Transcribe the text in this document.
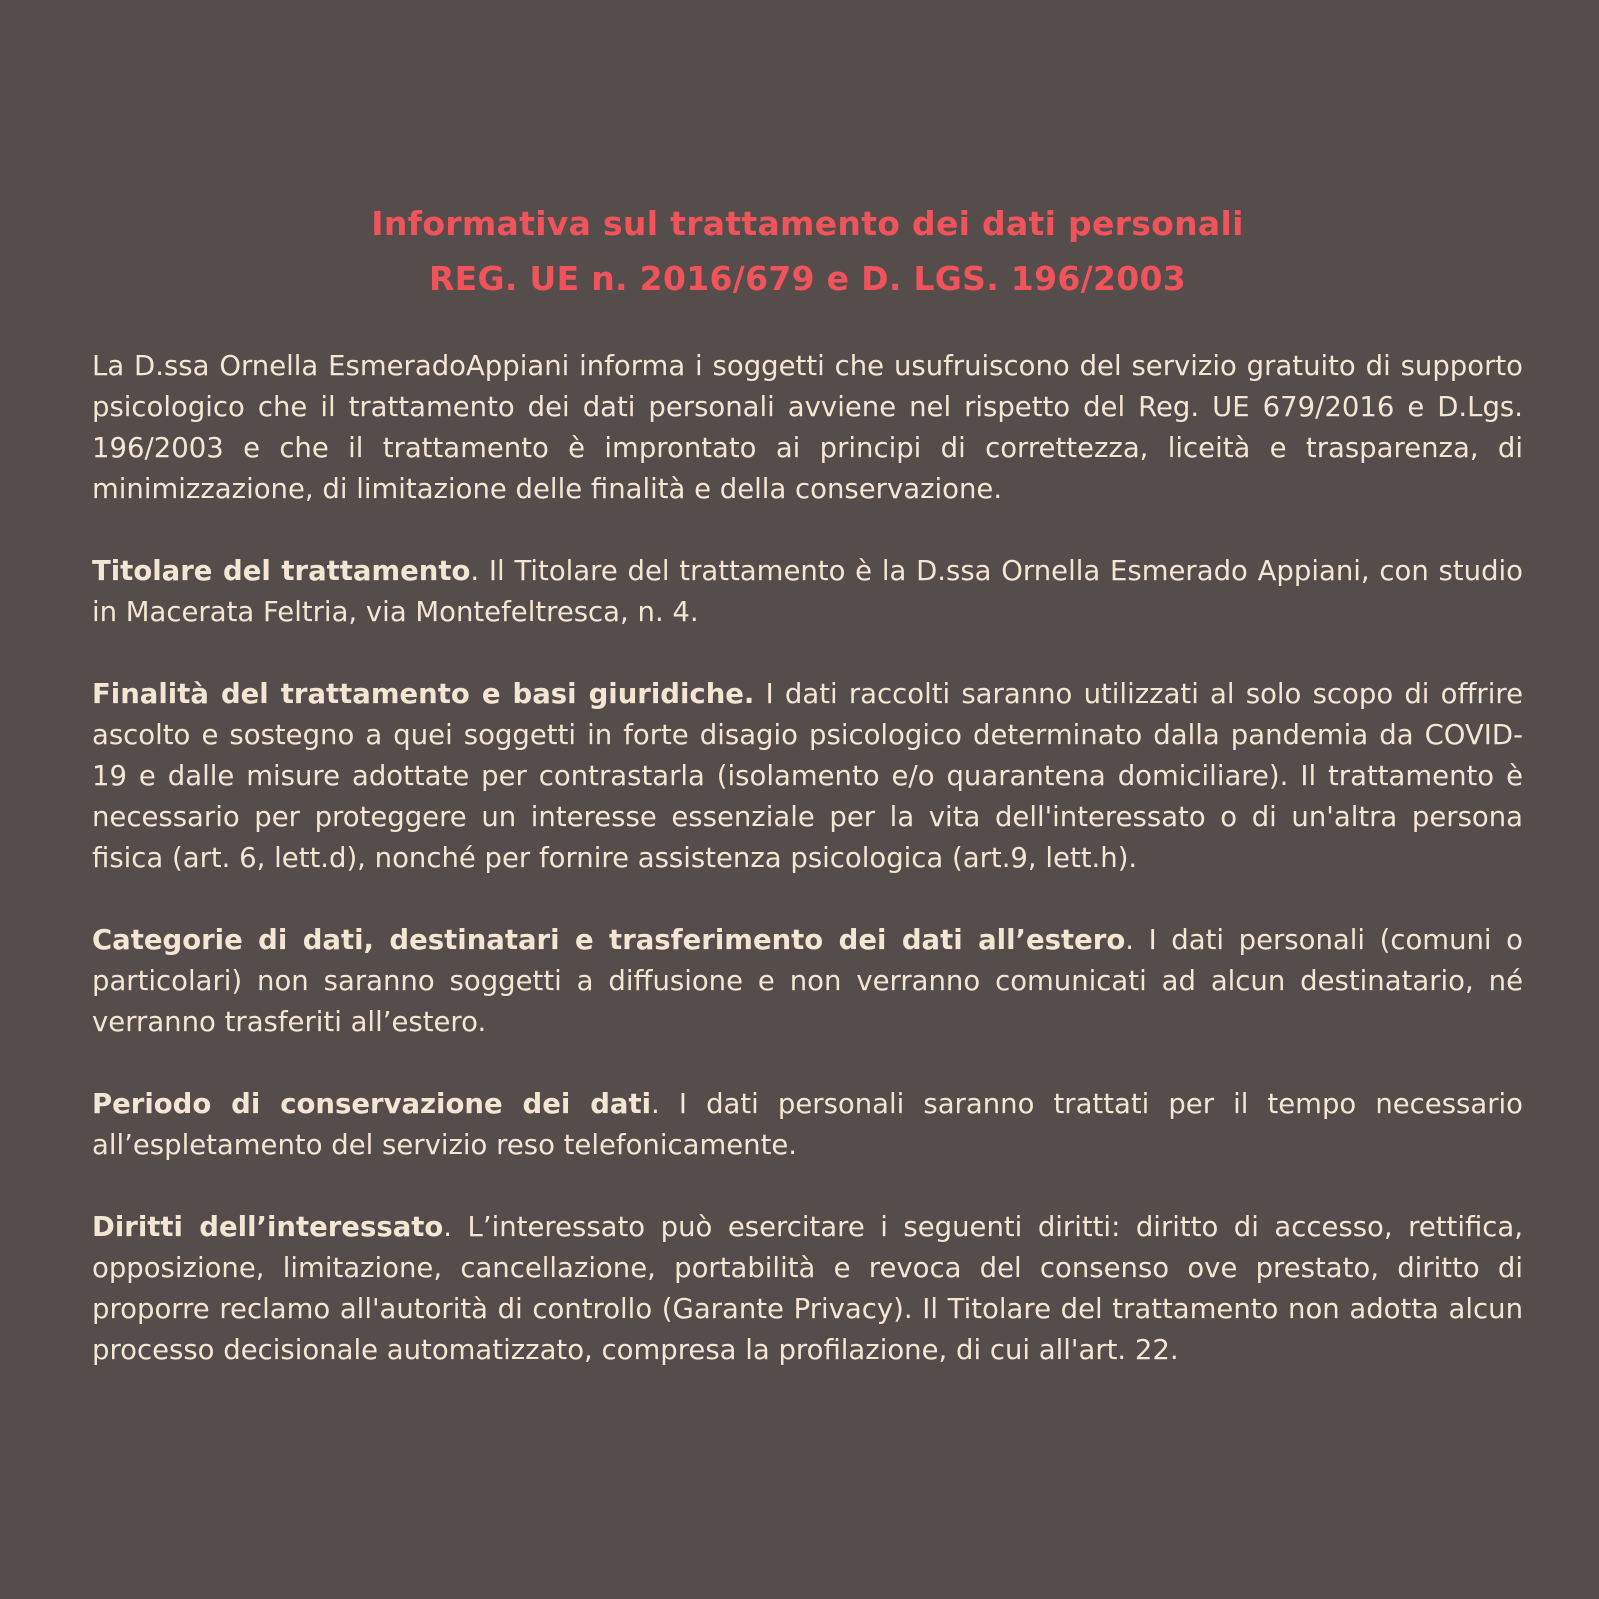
Informativa sul trattamento dei dati personali
REG. UE n. 2016/679 e D. LGS. 196/2003

La D.ssa Ornella EsmeradoAppiani informa i soggetti che usufruiscono del servizio gratuito di supporto psicologico che il trattamento dei dati personali avviene nel rispetto del Reg. UE 679/2016 e D.Lgs. 196/2003 e che il trattamento è improntato ai principi di correttezza, liceità e trasparenza, di minimizzazione, di limitazione delle finalità e della conservazione.

Titolare del trattamento. Il Titolare del trattamento è la D.ssa Ornella Esmerado Appiani, con studio in Macerata Feltria, via Montefeltresca, n. 4.

Finalità del trattamento e basi giuridiche. I dati raccolti saranno utilizzati al solo scopo di offrire ascolto e sostegno a quei soggetti in forte disagio psicologico determinato dalla pandemia da COVID-19 e dalle misure adottate per contrastarla (isolamento e/o quarantena domiciliare). Il trattamento è necessario per proteggere un interesse essenziale per la vita dell'interessato o di un'altra persona fisica (art. 6, lett.d), nonché per fornire assistenza psicologica (art.9, lett.h).

Categorie di dati, destinatari e trasferimento dei dati all’estero. I dati personali (comuni o particolari) non saranno soggetti a diffusione e non verranno comunicati ad alcun destinatario, né verranno trasferiti all’estero.

Periodo di conservazione dei dati. I dati personali saranno trattati per il tempo necessario all’espletamento del servizio reso telefonicamente.

Diritti dell’interessato. L’interessato può esercitare i seguenti diritti: diritto di accesso, rettifica, opposizione, limitazione, cancellazione, portabilità e revoca del consenso ove prestato, diritto di proporre reclamo all'autorità di controllo (Garante Privacy). Il Titolare del trattamento non adotta alcun processo decisionale automatizzato, compresa la profilazione, di cui all'art. 22.
